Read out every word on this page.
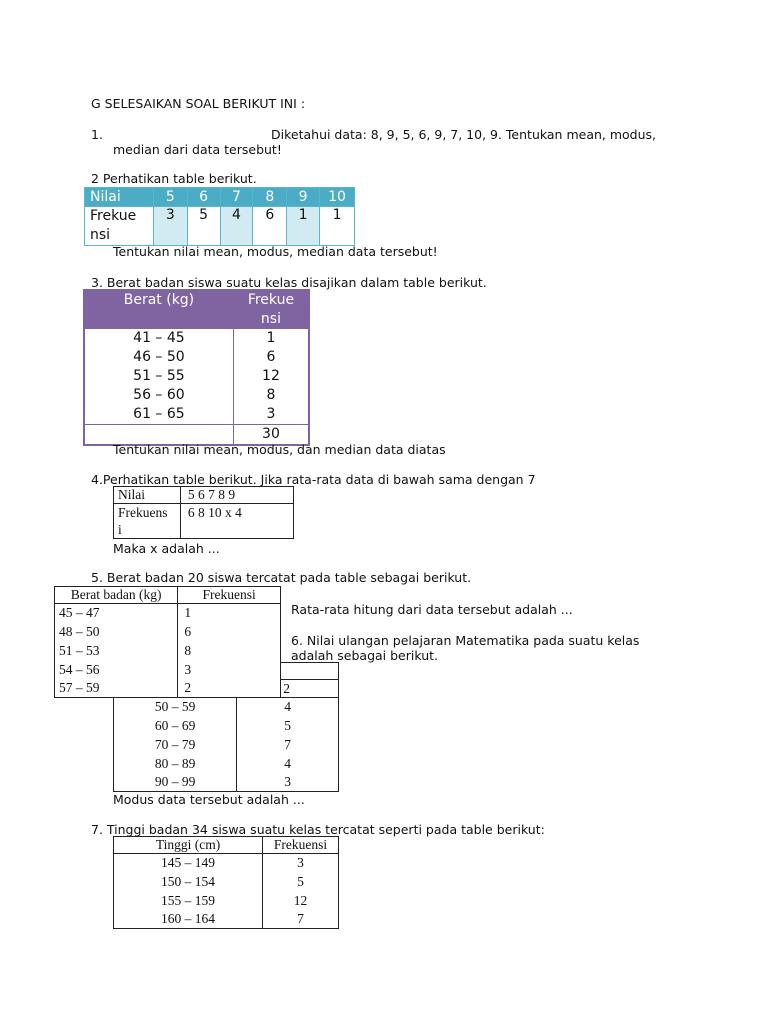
G SELESAIKAN SOAL BERIKUT INI :
1.	Diketahui data: 8, 9, 5, 6, 9, 7, 10, 9. Tentukan mean, modus,
median dari data tersebut!
2 Perhatikan table berikut.
Nilai	5	6	7	8	9	10
Frekue
nsi	3	5	4	6	1	1
Tentukan nilai mean, modus, median data tersebut!
3. Berat badan siswa suatu kelas disajikan dalam table berikut.
Berat (kg)	Frekue
nsi
41 – 45	1
46 – 50	6
51 – 55	12
56 – 60	8
61 – 65	3
	30
Tentukan nilai mean, modus, dan median data diatas
4.Perhatikan table berikut. Jika rata-rata data di bawah sama dengan 7
Nilai	5 6 7 8 9
Frekuens
i	6 8 10 x 4
Maka x adalah ...
5. Berat badan 20 siswa tercatat pada table sebagai berikut.

	2
50 – 59	4
60 – 69	5
70 – 79	7
80 – 89	4
90 – 99	3
Berat badan (kg)	Frekuensi
45 – 47	1
48 – 50	6
51 – 53	8
54 – 56	3
57 – 59	2
Rata-rata hitung dari data tersebut adalah ...
6. Nilai ulangan pelajaran Matematika pada suatu kelas
adalah sebagai berikut.
Modus data tersebut adalah ...
7. Tinggi badan 34 siswa suatu kelas tercatat seperti pada table berikut:
Tinggi (cm)	Frekuensi
145 – 149	3
150 – 154	5
155 – 159	12
160 – 164	7
